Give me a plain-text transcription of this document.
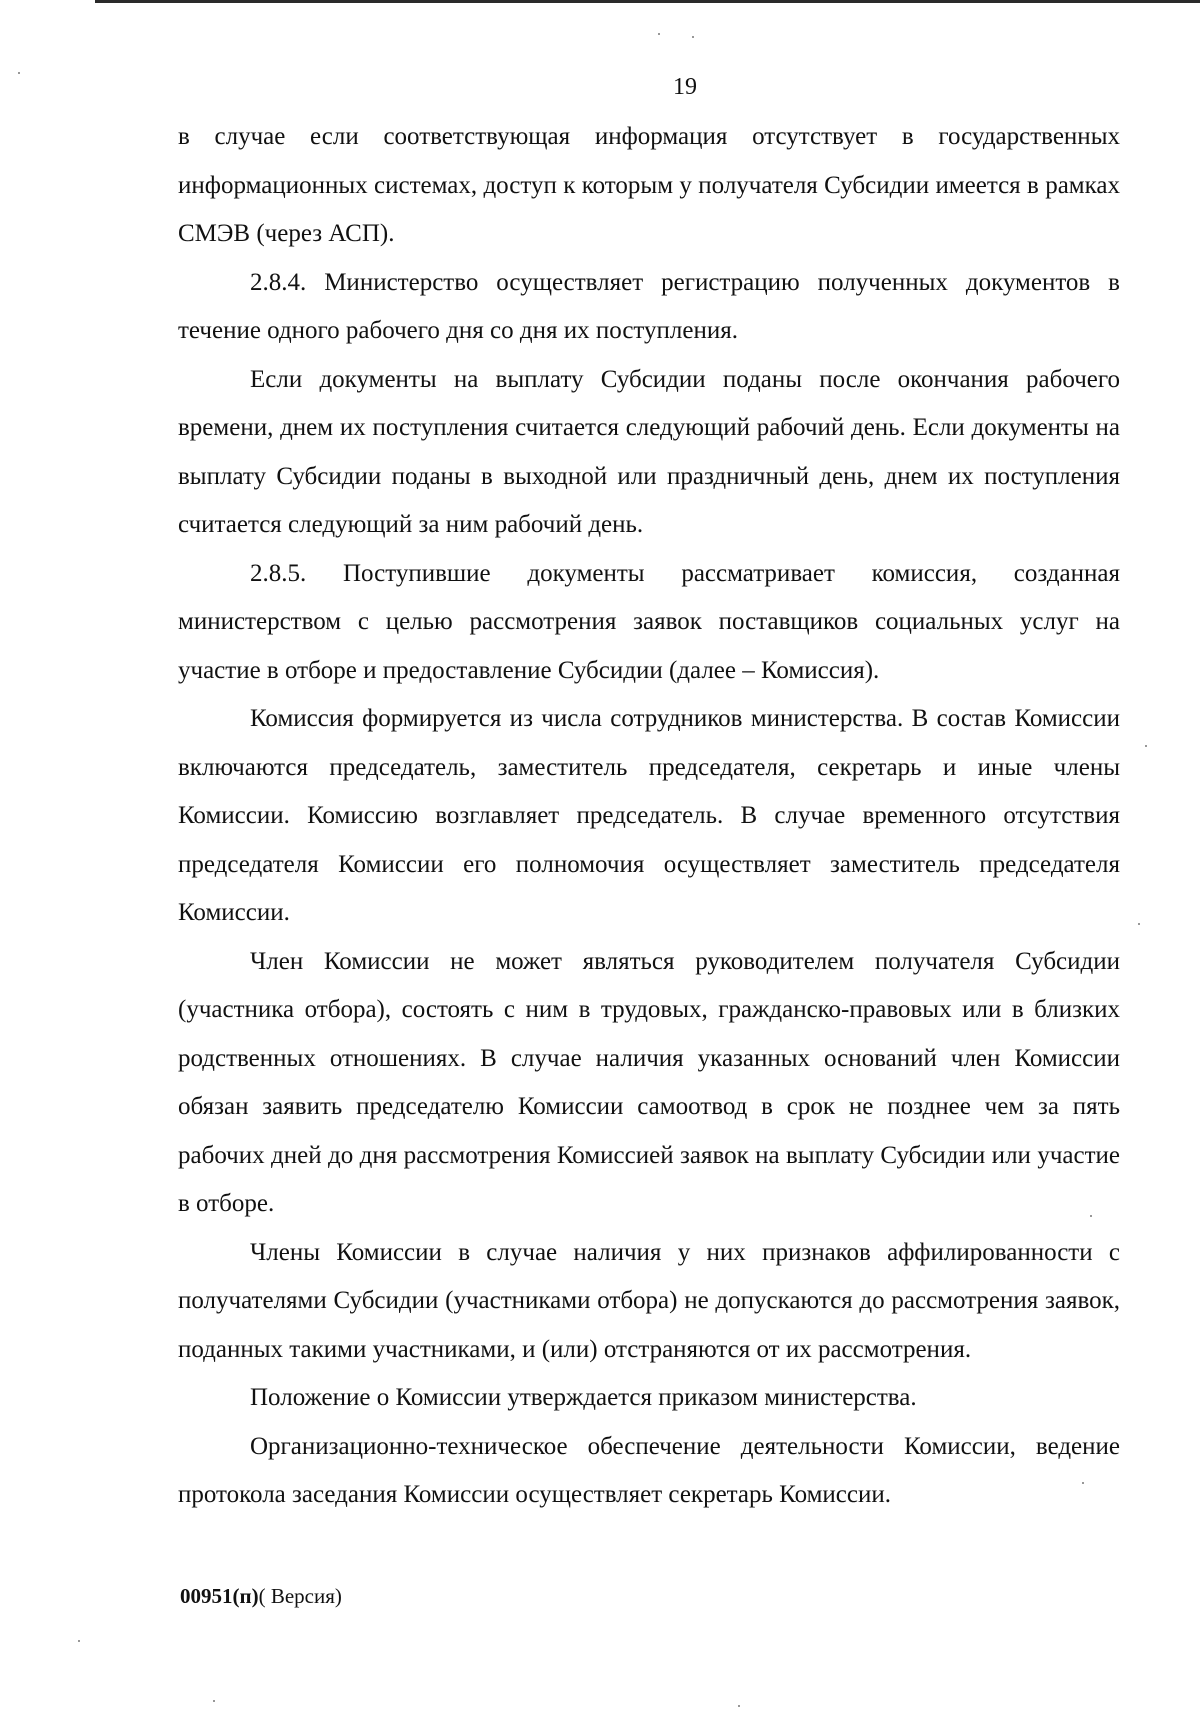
19

в случае если соответствующая информация отсутствует в государственных информационных системах, доступ к которым у получателя Субсидии имеется в рамках СМЭВ (через АСП).

2.8.4. Министерство осуществляет регистрацию полученных документов в течение одного рабочего дня со дня их поступления.

Если документы на выплату Субсидии поданы после окончания рабочего времени, днем их поступления считается следующий рабочий день. Если документы на выплату Субсидии поданы в выходной или праздничный день, днем их поступления считается следующий за ним рабочий день.

2.8.5. Поступившие документы рассматривает комиссия, созданная министерством с целью рассмотрения заявок поставщиков социальных услуг на участие в отборе и предоставление Субсидии (далее – Комиссия).

Комиссия формируется из числа сотрудников министерства. В состав Комиссии включаются председатель, заместитель председателя, секретарь и иные члены Комиссии. Комиссию возглавляет председатель. В случае временного отсутствия председателя Комиссии его полномочия осуществляет заместитель председателя Комиссии.

Член Комиссии не может являться руководителем получателя Субсидии (участника отбора), состоять с ним в трудовых, гражданско-правовых или в близких родственных отношениях. В случае наличия указанных оснований член Комиссии обязан заявить председателю Комиссии самоотвод в срок не позднее чем за пять рабочих дней до дня рассмотрения Комиссией заявок на выплату Субсидии или участие в отборе.

Члены Комиссии в случае наличия у них признаков аффилированности с получателями Субсидии (участниками отбора) не допускаются до рассмотрения заявок, поданных такими участниками, и (или) отстраняются от их рассмотрения.

Положение о Комиссии утверждается приказом министерства.

Организационно-техническое обеспечение деятельности Комиссии, ведение протокола заседания Комиссии осуществляет секретарь Комиссии.

00951(п)( Версия)
